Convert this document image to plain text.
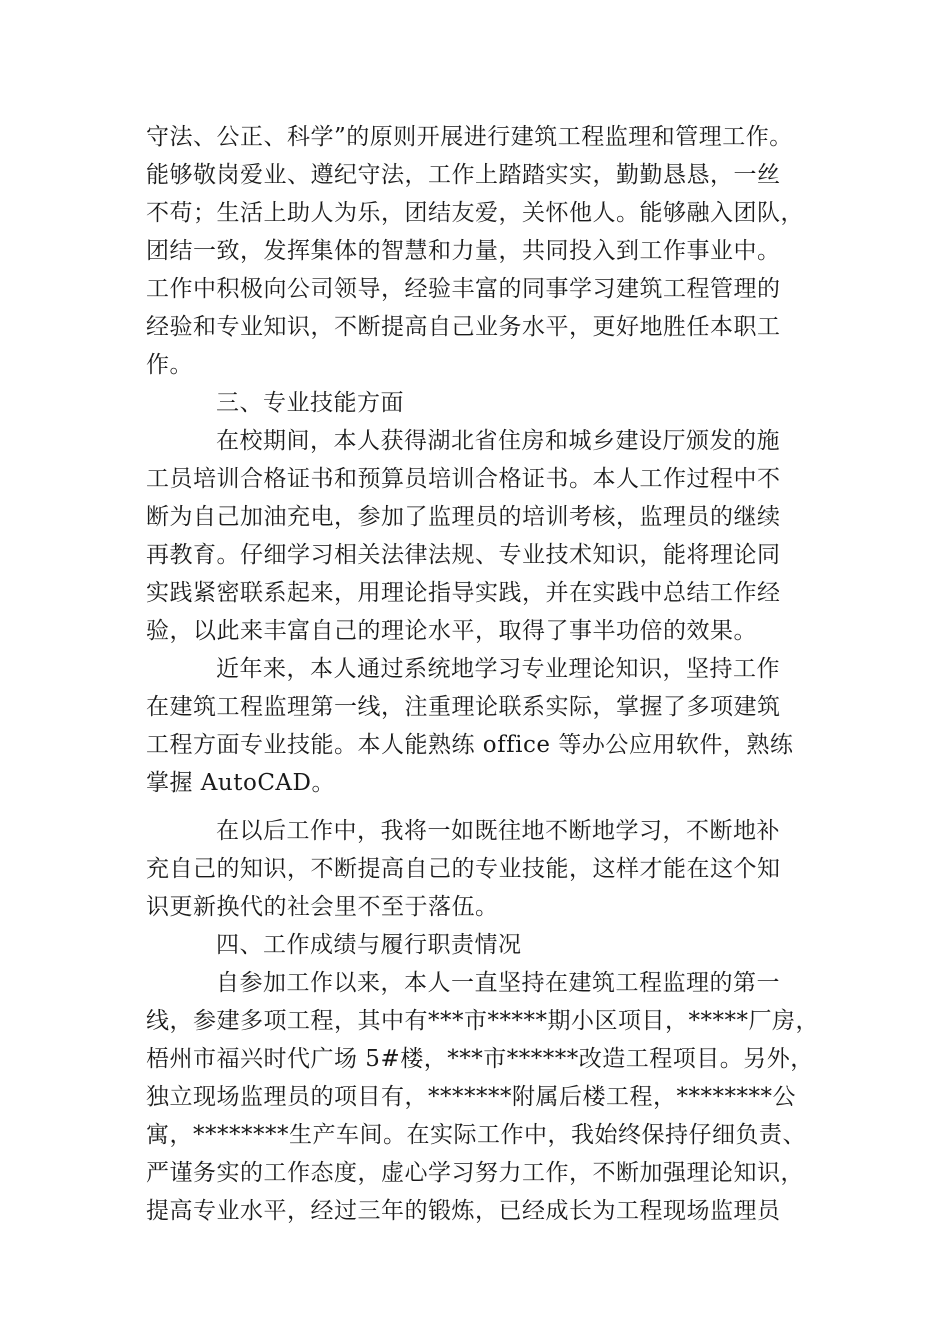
守法、公正、科学”的原则开展进行建筑工程监理和管理工作。
能够敬岗爱业、遵纪守法，工作上踏踏实实，勤勤恳恳，一丝
不苟；生活上助人为乐，团结友爱，关怀他人。能够融入团队，
团结一致，发挥集体的智慧和力量，共同投入到工作事业中。
工作中积极向公司领导，经验丰富的同事学习建筑工程管理的
经验和专业知识，不断提高自己业务水平，更好地胜任本职工
作。
三、专业技能方面
在校期间，本人获得湖北省住房和城乡建设厅颁发的施
工员培训合格证书和预算员培训合格证书。本人工作过程中不
断为自己加油充电，参加了监理员的培训考核，监理员的继续
再教育。仔细学习相关法律法规、专业技术知识，能将理论同
实践紧密联系起来，用理论指导实践，并在实践中总结工作经
验，以此来丰富自己的理论水平，取得了事半功倍的效果。
近年来，本人通过系统地学习专业理论知识，坚持工作
在建筑工程监理第一线，注重理论联系实际，掌握了多项建筑
工程方面专业技能。本人能熟练 office 等办公应用软件，熟练
掌握 AutoCAD。
在以后工作中，我将一如既往地不断地学习，不断地补
充自己的知识，不断提高自己的专业技能，这样才能在这个知
识更新换代的社会里不至于落伍。
四、工作成绩与履行职责情况
自参加工作以来，本人一直坚持在建筑工程监理的第一
线，参建多项工程，其中有***市*****期小区项目，*****厂房，
梧州市福兴时代广场 5#楼，***市******改造工程项目。另外，
独立现场监理员的项目有，*******附属后楼工程，********公
寓，********生产车间。在实际工作中，我始终保持仔细负责、
严谨务实的工作态度，虚心学习努力工作，不断加强理论知识，
提高专业水平，经过三年的锻炼，已经成长为工程现场监理员
